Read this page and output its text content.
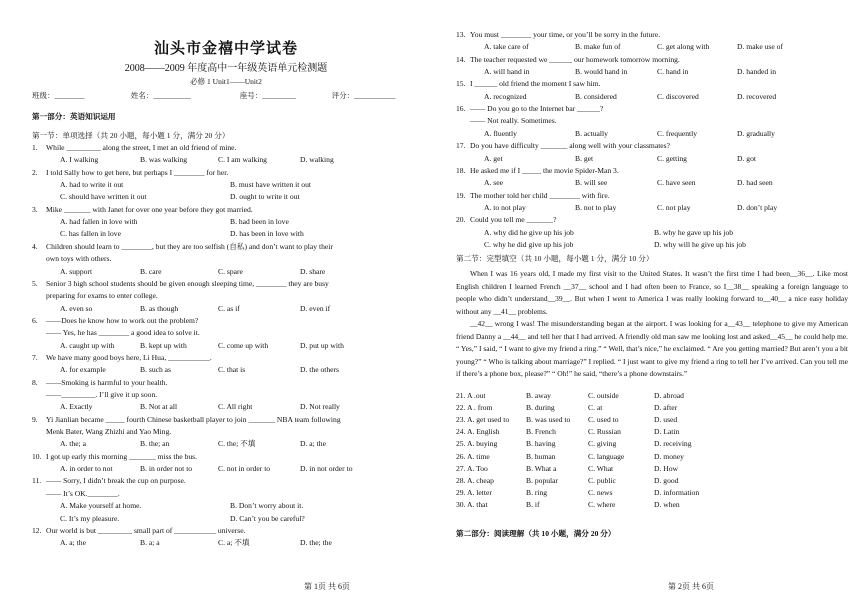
汕头市金禧中学试卷
2008——2009 年度高中一年级英语单元检测题
必修 1 Unit1——Unit2
班级：________	姓名：__________	座号：_________	评分：___________
第一部分：英语知识运用
第一节：单项选择（共 20 小题，每小题 1 分，满分 20 分）
1. While _________ along the street, I met an old friend of mine.
A. I walking	B. was walking	C. I am walking	D. walking
2. I told Sally how to get here, but perhaps I ________ for her.
A. had to write it out	B. must have written it out
C. should have written it out	D. ought to write it out
3. Mike _______ with Janet for over one year before they got married.
A. had fallen in love with	B. had been in love
C. has fallen in love	D. has been in love with
4. Children should learn to ________, but they are too selfish (自私) and don’t want to play their
own toys with others.
A. support	B. care	C. spare	D. share
5. Senior 3 high school students should be given enough sleeping time, ________ they are busy
preparing for exams to enter college.
A. even so	B. as though	C. as if	D. even if
6. ——Does he know how to work out the problem?
—— Yes, he has ________ a good idea to solve it.
A. caught up with	B. kept up with	C. come up with	D. put up with
7. We have many good boys here, Li Hua, ___________.
A. for example	B. such as	C. that is	D. the others
8. ——Smoking is harmful to your health.
——_________. I’ll give it up soon.
A. Exactly	B. Not at all	C. All right	D. Not really
9. Yi Jianlian became _____ fourth Chinese basketball player to join _______ NBA team following
Menk Bater, Wang Zhizhi and Yao Ming.
A. the; a	B. the; an	C. the; 不填	D. a; the
10. I got up early this morning _______ miss the bus.
A. in order to not	B. in order not to	C. not in order to	D. in not order to
11. —— Sorry, I didn’t break the cup on purpose.
—— It’s OK.________.
A. Make yourself at home.	B. Don’t worry about it.
C. It’s my pleasure.	D. Can’t you be careful?
12. Our world is but _________ small part of ___________ universe.
A. a; the	B. a; a	C. a; 不填	D. the; the
第 1页 共 6页
13. You must ________ your time, or you’ll be sorry in the future.
A. take care of	B. make fun of	C. get along with	D. make use of
14. The teacher requested we ______ our homework tomorrow morning.
A. will hand in	B. would hand in	C. hand in	D. handed in
15. I ______ old friend the moment I saw him.
A. recognized	B. considered	C. discovered	D. recovered
16. —— Do you go to the Internet bar ______?
—— Not really. Sometimes.
A. fluently	B. actually	C. frequently	D. gradually
17. Do you have difficulty _______ along well with your classmates?
A. get	B. get	C. getting	D. got
18. He asked me if I _____ the movie Spider-Man 3.
A. see	B. will see	C. have seen	D. had seen
19. The mother told her child ________ with fire.
A. to not play	B. not to play	C. not play	D. don’t play
20. Could you tell me _______?
A. why did he give up his job	B. why he gave up his job
C. why he did give up his job	D. why will he give up his job
第二节：完型填空（共 10 小题，每小题 1 分，满分 10 分）
When I was 16 years old, I made my first visit to the United States. It wasn’t the first time I had been__36__. Like most English children I learned French __37__ school and I had often been to France, so I__38__ speaking a foreign language to people who didn’t understand__39__. But when I went to America I was really looking forward to__40__ a nice easy holiday without any __41__ problems.
__42__ wrong I was! The misunderstanding began at the airport. I was looking for a__43__ telephone to give my American friend Danny a __44__ and tell her that I had arrived. A friendly old man saw me looking lost and asked__45__ he could help me. “ Yes,” I said, “ I want to give my friend a ring.” “ Well, that’s nice,” he exclaimed. “ Are you getting married? But aren’t you a bit young?” “ Who is talking about marriage?” I replied. “ I just want to give my friend a ring to tell her I’ve arrived. Can you tell me if there’s a phone box, please?” “ Oh!” he said, “there’s a phone downstairs.”
21. A .out	B. away	C. outside	D. abroad
22. A . from	B. during	C. at	D. after
23. A. get used to B. was used to C. used to	D. used
24. A. English	B. French	C. Russian	D. Latin
25. A. buying	B. having	C. giving	D. receiving
26. A. time	B. human	C. language	D. money
27. A. Too	B. What a	C. What	D. How
28. A. cheap	B. popular	C. public	D. good
29. A. letter	B. ring	C. news	D. information
30. A. that	B. if	C. where	D. when
第二部分：阅读理解（共 10 小题，满分 20 分）
第 2页 共 6页
